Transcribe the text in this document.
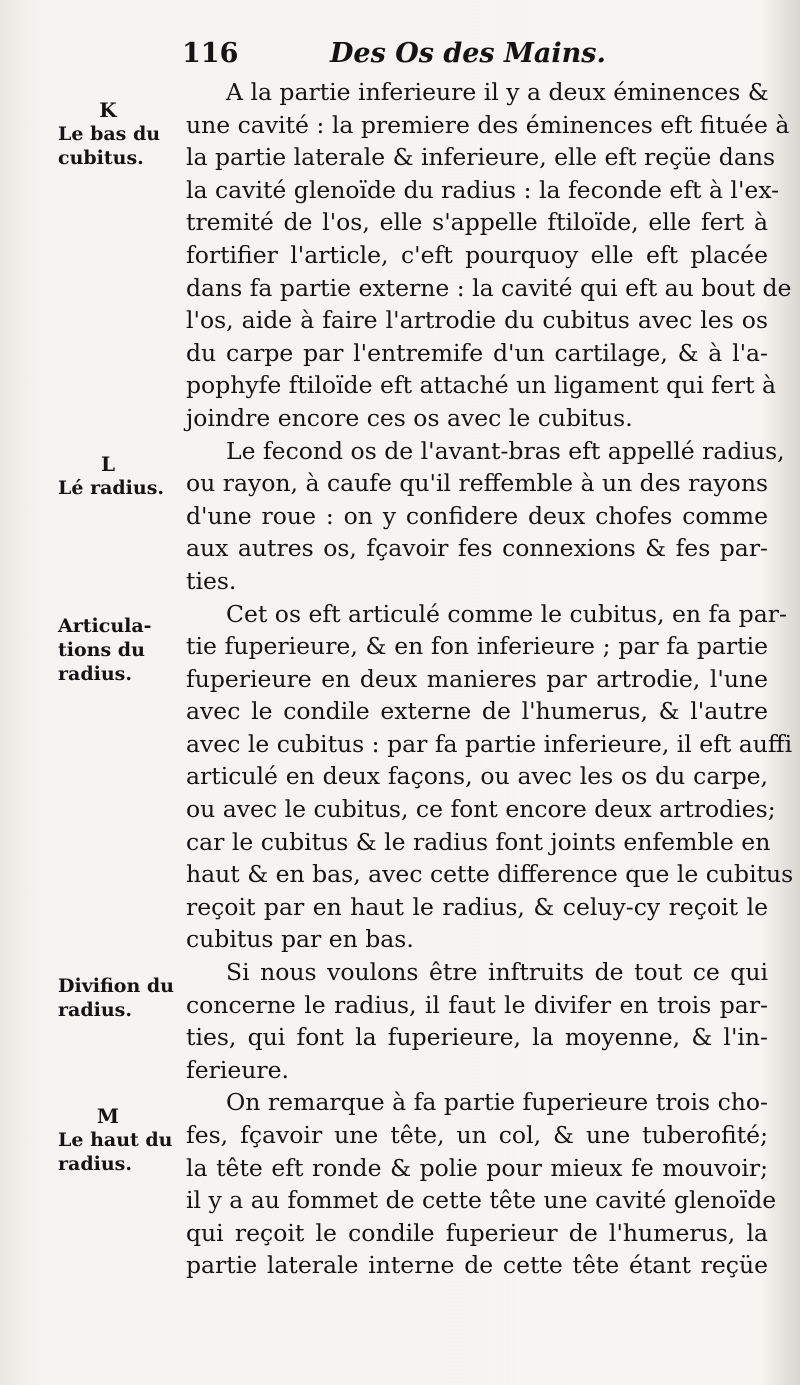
116	Des Os des Mains.
K
Le bas du
cubitus.
L
Lé radius.
Articula-
tions du
radius.
Divifion du
radius.
M
Le haut du
radius.
A la partie inferieure il y a deux éminences &
une cavité : la premiere des éminences eft fituée à
la partie laterale & inferieure, elle eft reçüe dans
la cavité glenoïde du radius : la feconde eft à l'ex-
tremité de l'os, elle s'appelle ftiloïde, elle fert à
fortifier l'article, c'eft pourquoy elle eft placée
dans fa partie externe : la cavité qui eft au bout de
l'os, aide à faire l'artrodie du cubitus avec les os
du carpe par l'entremife d'un cartilage, & à l'a-
pophyfe ftiloïde eft attaché un ligament qui fert à
joindre encore ces os avec le cubitus.
Le fecond os de l'avant-bras eft appellé radius,
ou rayon, à caufe qu'il reffemble à un des rayons
d'une roue : on y confidere deux chofes comme
aux autres os, fçavoir fes connexions & fes par-
ties.
Cet os eft articulé comme le cubitus, en fa par-
tie fuperieure, & en fon inferieure ; par fa partie
fuperieure en deux manieres par artrodie, l'une
avec le condile externe de l'humerus, & l'autre
avec le cubitus : par fa partie inferieure, il eft auffi
articulé en deux façons, ou avec les os du carpe,
ou avec le cubitus, ce font encore deux artrodies;
car le cubitus & le radius font joints enfemble en
haut & en bas, avec cette difference que le cubitus
reçoit par en haut le radius, & celuy-cy reçoit le
cubitus par en bas.
Si nous voulons être inftruits de tout ce qui
concerne le radius, il faut le divifer en trois par-
ties, qui font la fuperieure, la moyenne, & l'in-
ferieure.
On remarque à fa partie fuperieure trois cho-
fes, fçavoir une tête, un col, & une tuberofité;
la tête eft ronde & polie pour mieux fe mouvoir;
il y a au fommet de cette tête une cavité glenoïde
qui reçoit le condile fuperieur de l'humerus, la
partie laterale interne de cette tête étant reçüe
